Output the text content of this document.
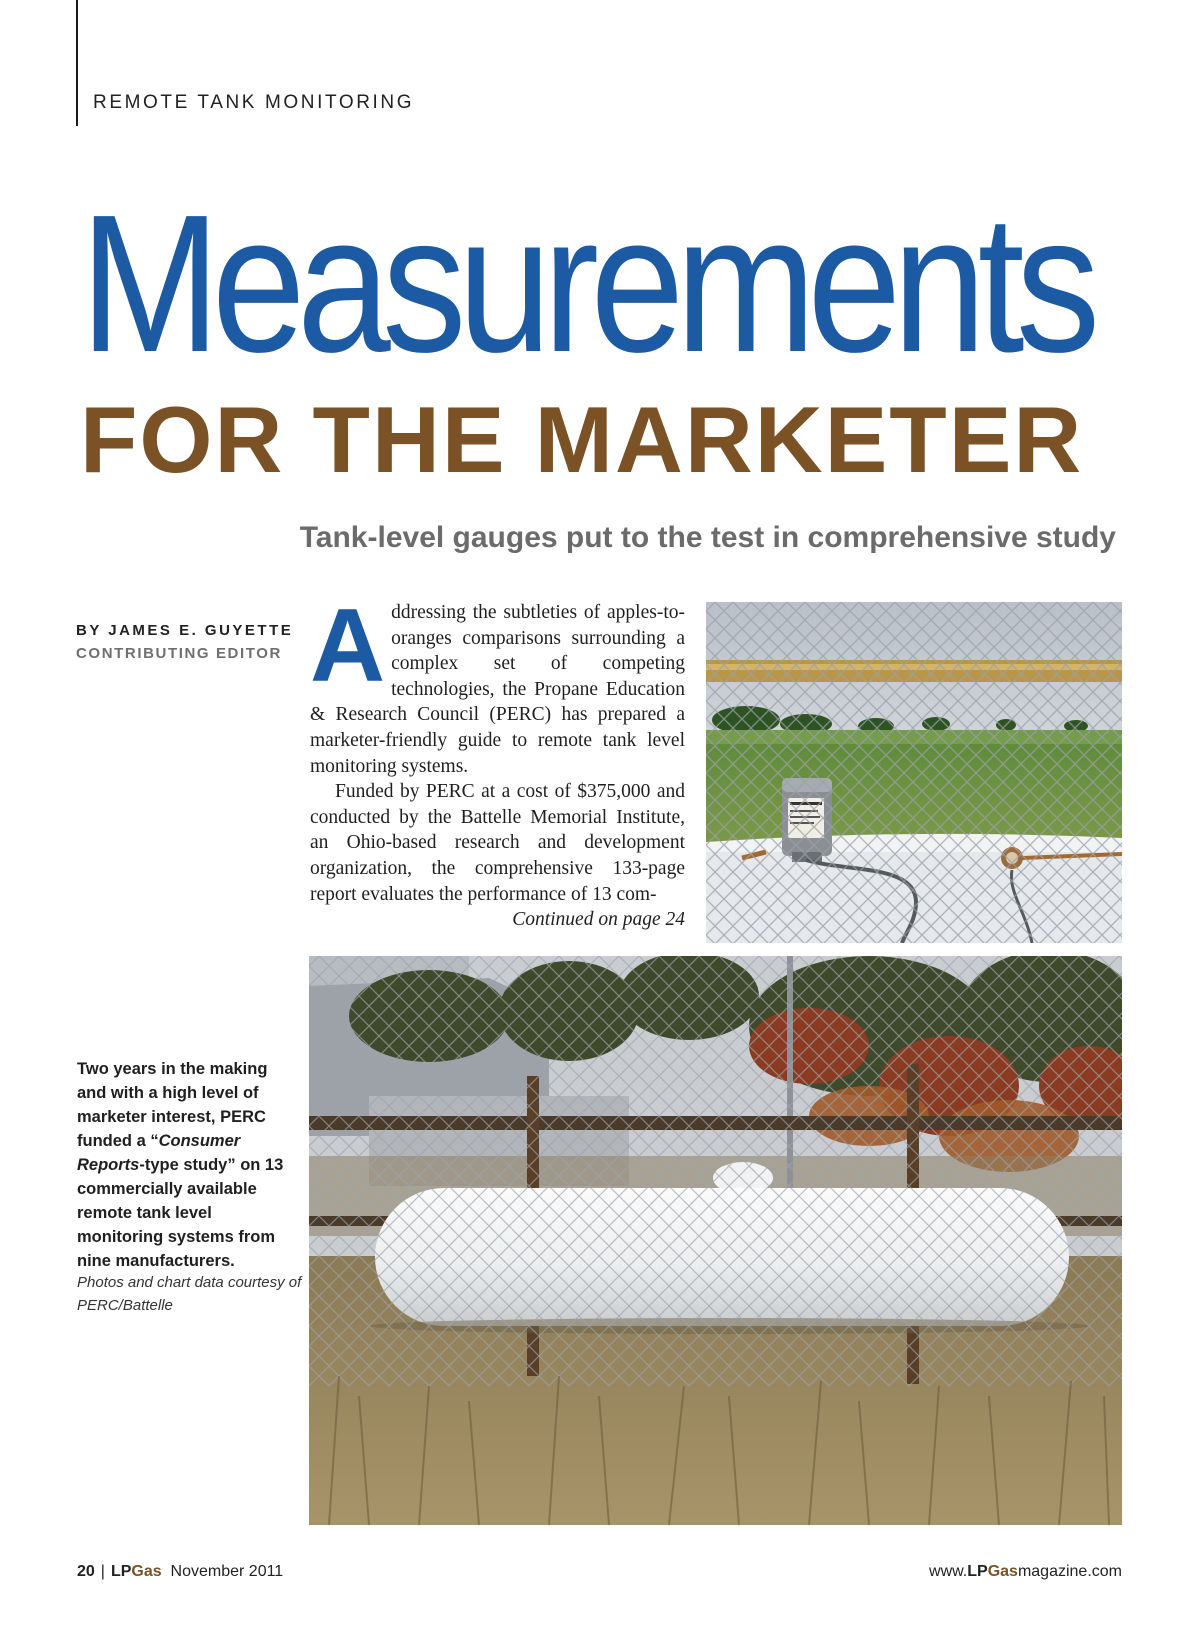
REMOTE TANK MONITORING
Measurements
FOR THE MARKETER
Tank-level gauges put to the test in comprehensive study
BY JAMES E. GUYETTE
CONTRIBUTING EDITOR Addressing the subtleties of apples-to-oranges comparisons surrounding a complex set of competing technologies, the Propane Education & Research Council (PERC) has prepared a marketer-friendly guide to remote tank level monitoring systems.

Funded by PERC at a cost of $375,000 and conducted by the Battelle Memorial Institute, an Ohio-based research and development organization, the comprehensive 133-page report evaluates the performance of 13 com-

Continued on page 24
Two years in the making and with a high level of marketer interest, PERC funded a “Consumer Reports-type study” on 13 commercially available remote tank level monitoring systems from nine manufacturers.
Photos and chart data courtesy of PERC/Battelle
20 | LPGas November 2011	www.LPGasmagazine.com
